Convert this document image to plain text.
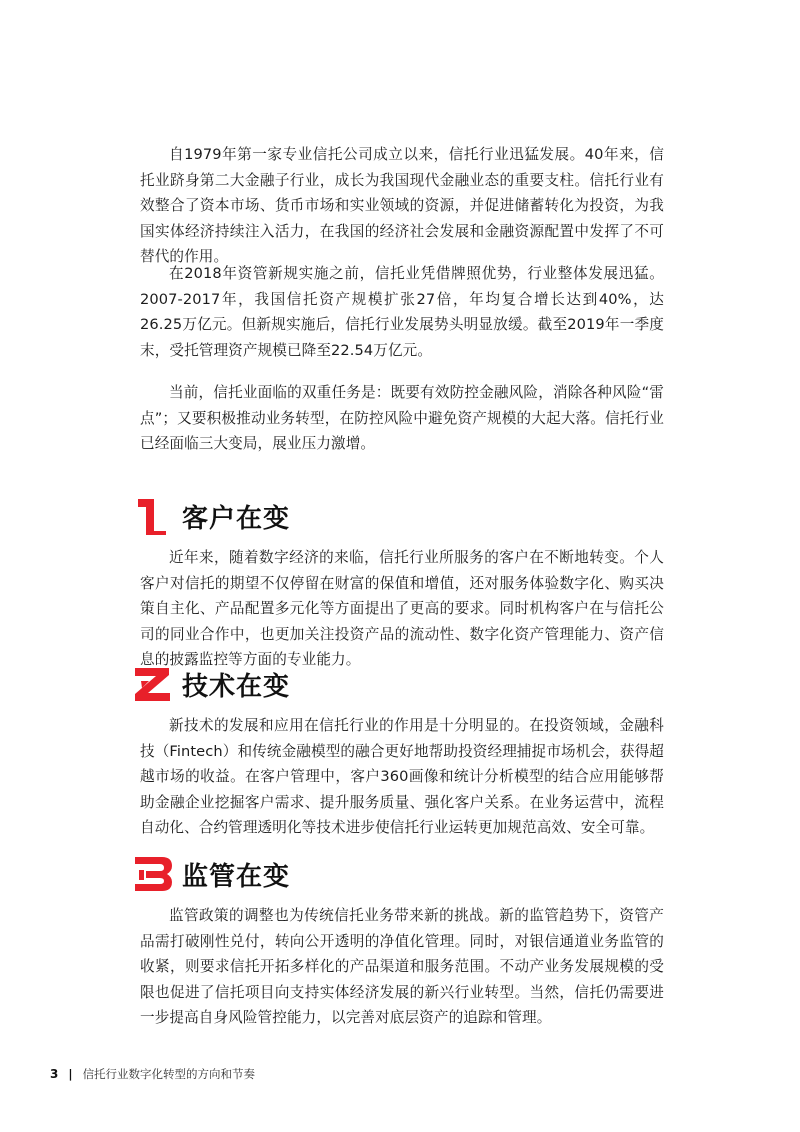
自1979年第一家专业信托公司成立以来，信托行业迅猛发展。40年来，信托业跻身第二大金融子行业，成长为我国现代金融业态的重要支柱。信托行业有效整合了资本市场、货币市场和实业领域的资源，并促进储蓄转化为投资，为我国实体经济持续注入活力，在我国的经济社会发展和金融资源配置中发挥了不可替代的作用。

在2018年资管新规实施之前，信托业凭借牌照优势，行业整体发展迅猛。2007-2017年，我国信托资产规模扩张27倍，年均复合增长达到40%，达26.25万亿元。但新规实施后，信托行业发展势头明显放缓。截至2019年一季度末，受托管理资产规模已降至22.54万亿元。

当前，信托业面临的双重任务是：既要有效防控金融风险，消除各种风险“雷点”；又要积极推动业务转型，在防控风险中避免资产规模的大起大落。信托行业已经面临三大变局，展业压力激增。

客户在变

近年来，随着数字经济的来临，信托行业所服务的客户在不断地转变。个人客户对信托的期望不仅停留在财富的保值和增值，还对服务体验数字化、购买决策自主化、产品配置多元化等方面提出了更高的要求。同时机构客户在与信托公司的同业合作中，也更加关注投资产品的流动性、数字化资产管理能力、资产信息的披露监控等方面的专业能力。

技术在变

新技术的发展和应用在信托行业的作用是十分明显的。在投资领域，金融科技（Fintech）和传统金融模型的融合更好地帮助投资经理捕捉市场机会，获得超越市场的收益。在客户管理中，客户360画像和统计分析模型的结合应用能够帮助金融企业挖掘客户需求、提升服务质量、强化客户关系。在业务运营中，流程自动化、合约管理透明化等技术进步使信托行业运转更加规范高效、安全可靠。

监管在变

监管政策的调整也为传统信托业务带来新的挑战。新的监管趋势下，资管产品需打破刚性兑付，转向公开透明的净值化管理。同时，对银信通道业务监管的收紧，则要求信托开拓多样化的产品渠道和服务范围。不动产业务发展规模的受限也促进了信托项目向支持实体经济发展的新兴行业转型。当然，信托仍需要进一步提高自身风险管控能力，以完善对底层资产的追踪和管理。

3 | 信托行业数字化转型的方向和节奏
